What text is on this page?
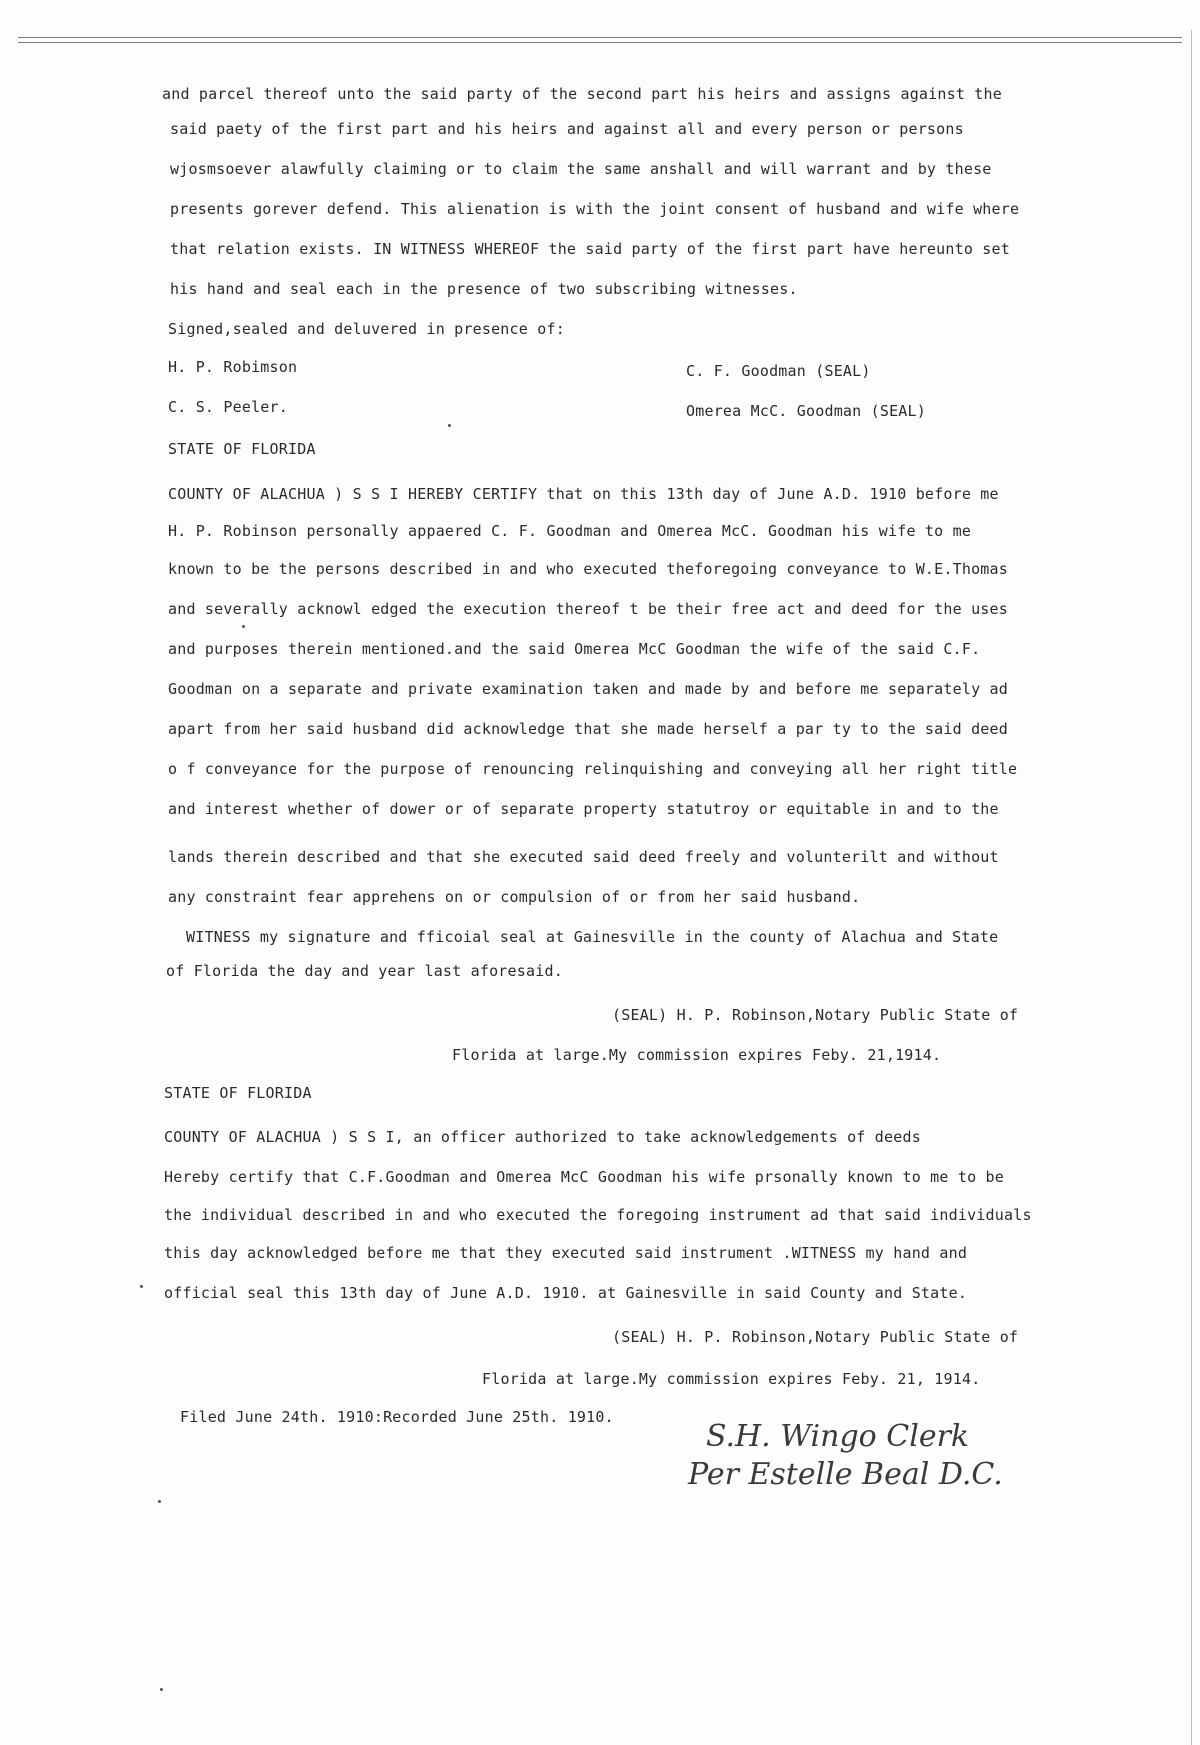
and parcel thereof unto the said party of the second part his heirs and assigns against the
said paety of the first part and his heirs and against all and every person or persons
wjosmsoever alawfully claiming or to claim the same anshall and will warrant and by these
presents gorever defend. This alienation is with the joint consent of husband and wife where
that relation exists. IN WITNESS WHEREOF the said party of the first part have hereunto set
his hand and seal each in the presence of two subscribing witnesses.
Signed,sealed and deluvered in presence of:
H. P. Robimson
C. S. Peeler.
C. F. Goodman (SEAL)
Omerea McC. Goodman (SEAL)
STATE OF FLORIDA
COUNTY OF ALACHUA ) S S I HEREBY CERTIFY that on this 13th day of June A.D. 1910 before me
H. P. Robinson personally appaered C. F. Goodman and Omerea McC. Goodman his wife to me
known to be the persons described in and who executed theforegoing conveyance to W.E.Thomas
and severally acknowl edged the execution thereof t be their free act and deed for the uses
and purposes therein mentioned.and the said Omerea McC Goodman the wife of the said C.F.
Goodman on a separate and private examination taken and made by and before me separately ad
apart from her said husband did acknowledge that she made herself a par ty to the said deed
o f conveyance for the purpose of renouncing relinquishing and conveying all her right title
and interest whether of dower or of separate property statutroy or equitable in and to the
lands therein described and that she executed said deed freely and volunterilt and without
any constraint fear apprehens on or compulsion of or from her said husband.
WITNESS my signature and fficoial seal at Gainesville in the county of Alachua and State
of Florida the day and year last aforesaid.
(SEAL) H. P. Robinson,Notary Public State of
Florida at large.My commission expires Feby. 21,1914.
STATE OF FLORIDA
COUNTY OF ALACHUA ) S S I, an officer authorized to take acknowledgements of deeds
Hereby certify that C.F.Goodman and Omerea McC Goodman his wife prsonally known to me to be
the individual described in and who executed the foregoing instrument ad that said individuals
this day acknowledged before me that they executed said instrument .WITNESS my hand and
official seal this 13th day of June A.D. 1910. at Gainesville in said County and State.
(SEAL) H. P. Robinson,Notary Public State of
Florida at large.My commission expires Feby. 21, 1914.
Filed June 24th. 1910:Recorded June 25th. 1910.
S.H. Wingo Clerk
Per Estelle Beal D.C.
